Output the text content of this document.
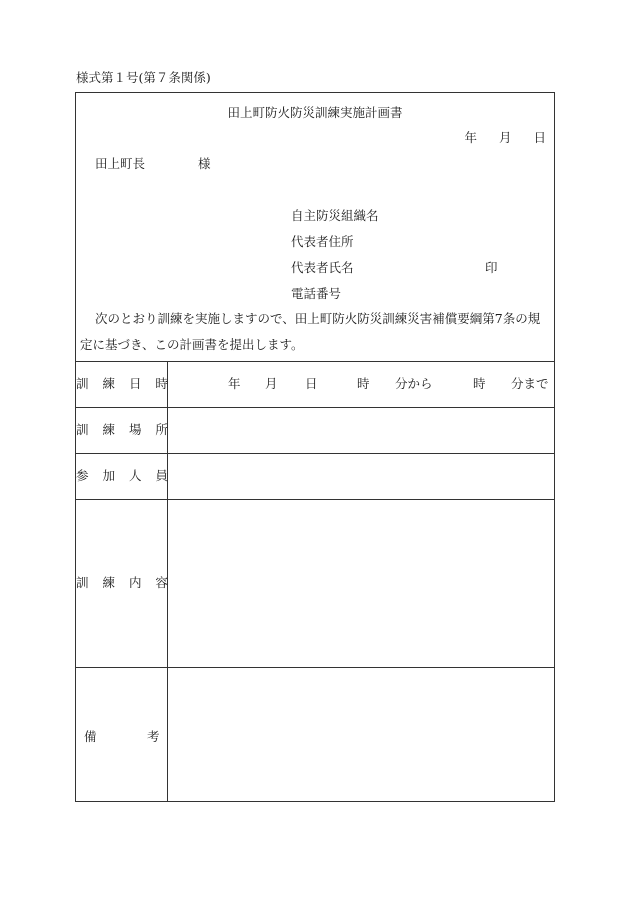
様式第１号(第７条関係)
田上町防火防災訓練実施計画書
年 月 日
田上町長	様
自主防災組織名
代表者住所
代表者氏名	印
電話番号
次のとおり訓練を実施しますので、田上町防火防災訓練災害補償要綱第7条の規
定に基づき、この計画書を提出します。
訓 練 日 時	年 月 日	時 分から	時 分まで
訓 練 場 所
参 加 人 員
訓 練 内 容
備	考
